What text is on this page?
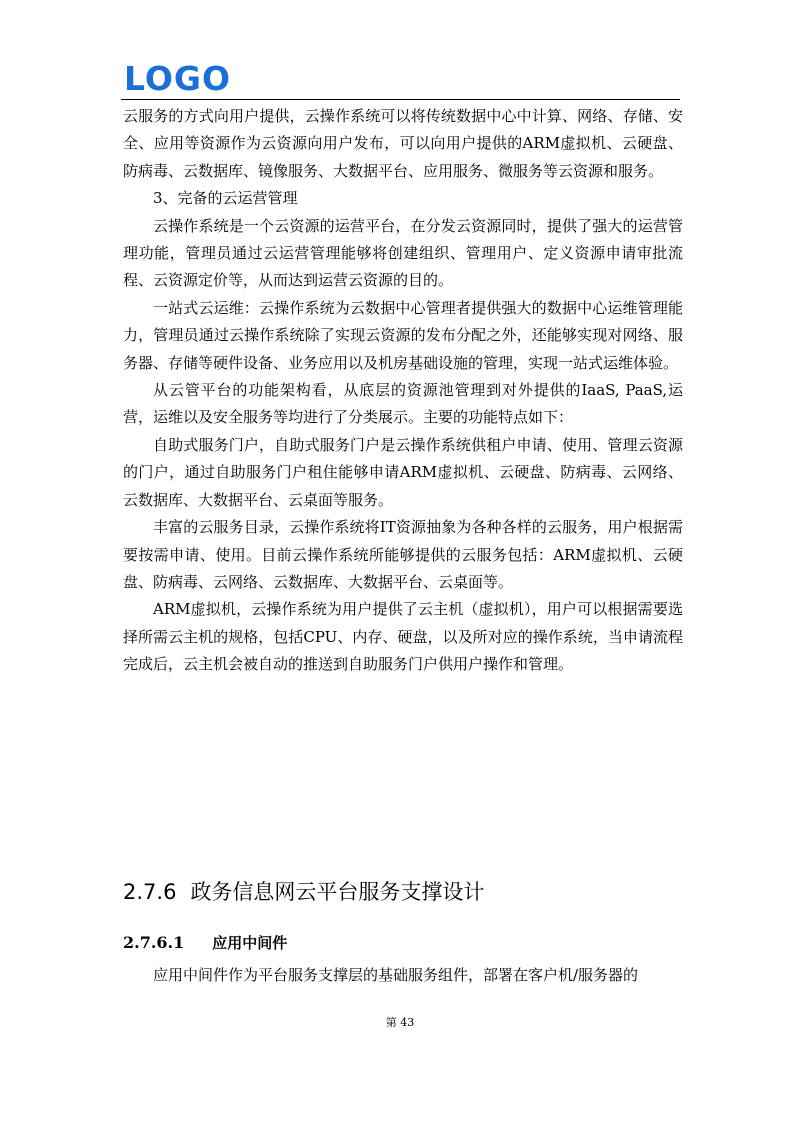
LOGO

云服务的方式向用户提供，云操作系统可以将传统数据中心中计算、网络、存储、安全、应用等资源作为云资源向用户发布，可以向用户提供的ARM虚拟机、云硬盘、防病毒、云数据库、镜像服务、大数据平台、应用服务、微服务等云资源和服务。

3、完备的云运营管理

云操作系统是一个云资源的运营平台，在分发云资源同时，提供了强大的运营管理功能，管理员通过云运营管理能够将创建组织、管理用户、定义资源申请审批流程、云资源定价等，从而达到运营云资源的目的。

一站式云运维：云操作系统为云数据中心管理者提供强大的数据中心运维管理能力，管理员通过云操作系统除了实现云资源的发布分配之外，还能够实现对网络、服务器、存储等硬件设备、业务应用以及机房基础设施的管理，实现一站式运维体验。

从云管平台的功能架构看，从底层的资源池管理到对外提供的IaaS, PaaS,运营，运维以及安全服务等均进行了分类展示。主要的功能特点如下：

自助式服务门户，自助式服务门户是云操作系统供租户申请、使用、管理云资源的门户，通过自助服务门户租住能够申请ARM虚拟机、云硬盘、防病毒、云网络、云数据库、大数据平台、云桌面等服务。

丰富的云服务目录，云操作系统将IT资源抽象为各种各样的云服务，用户根据需要按需申请、使用。目前云操作系统所能够提供的云服务包括：ARM虚拟机、云硬盘、防病毒、云网络、云数据库、大数据平台、云桌面等。

ARM虚拟机，云操作系统为用户提供了云主机（虚拟机），用户可以根据需要选择所需云主机的规格，包括CPU、内存、硬盘，以及所对应的操作系统，当申请流程完成后，云主机会被自动的推送到自助服务门户供用户操作和管理。

2.7.6 政务信息网云平台服务支撑设计
2.7.6.1 应用中间件

应用中间件作为平台服务支撑层的基础服务组件，部署在客户机/服务器的

第 43
